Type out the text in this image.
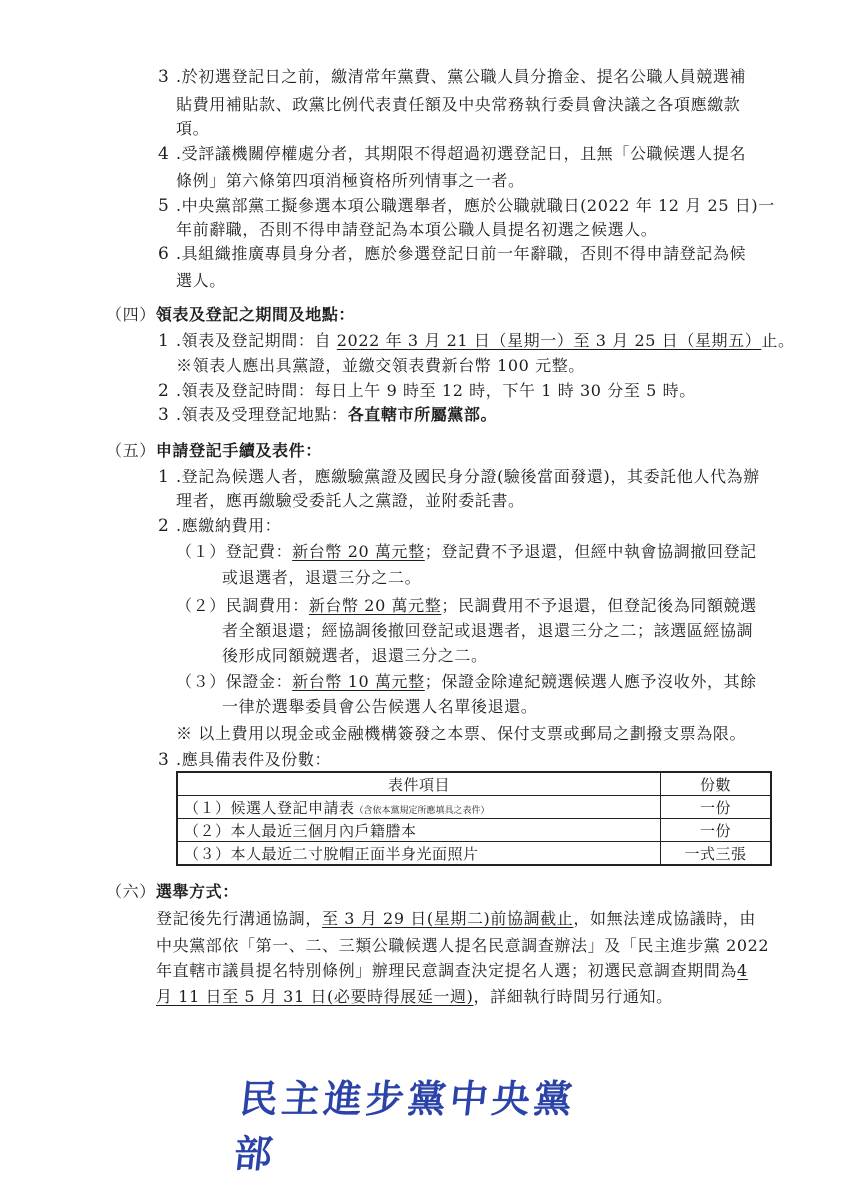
3 .於初選登記日之前，繳清常年黨費、黨公職人員分擔金、提名公職人員競選補
貼費用補貼款、政黨比例代表責任額及中央常務執行委員會決議之各項應繳款
項。
4 .受評議機關停權處分者，其期限不得超過初選登記日，且無「公職候選人提名
條例」第六條第四項消極資格所列情事之一者。
5 .中央黨部黨工擬參選本項公職選舉者，應於公職就職日(2022 年 12 月 25 日)一
年前辭職，否則不得申請登記為本項公職人員提名初選之候選人。
6 .具組織推廣專員身分者，應於參選登記日前一年辭職，否則不得申請登記為候
選人。
（四）領表及登記之期間及地點：
1 .領表及登記期間：自 2022 年 3 月 21 日（星期一）至 3 月 25 日（星期五）止。
※領表人應出具黨證，並繳交領表費新台幣 100 元整。
2 .領表及登記時間：每日上午 9 時至 12 時，下午 1 時 30 分至 5 時。
3 .領表及受理登記地點：各直轄市所屬黨部。
（五）申請登記手續及表件：
1 .登記為候選人者，應繳驗黨證及國民身分證(驗後當面發還)，其委託他人代為辦
理者，應再繳驗受委託人之黨證，並附委託書。
2 .應繳納費用：
（１）登記費：新台幣 20 萬元整；登記費不予退還，但經中執會協調撤回登記
或退選者，退還三分之二。
（２）民調費用：新台幣 20 萬元整；民調費用不予退還，但登記後為同額競選
者全額退還；經協調後撤回登記或退選者，退還三分之二；該選區經協調
後形成同額競選者，退還三分之二。
（３）保證金：新台幣 10 萬元整；保證金除違紀競選候選人應予沒收外，其餘
一律於選舉委員會公告候選人名單後退還。
※ 以上費用以現金或金融機構簽發之本票、保付支票或郵局之劃撥支票為限。
3 .應具備表件及份數：
表件項目	份數
（１）候選人登記申請表（含依本黨規定所應填具之表件）	一份
（２）本人最近三個月內戶籍謄本	一份
（３）本人最近二寸脫帽正面半身光面照片	一式三張
（六）選舉方式：
登記後先行溝通協調，至 3 月 29 日(星期二)前協調截止，如無法達成協議時，由
中央黨部依「第一、二、三類公職候選人提名民意調查辦法」及「民主進步黨 2022
年直轄市議員提名特別條例」辦理民意調查決定提名人選；初選民意調查期間為4
月 11 日至 5 月 31 日(必要時得展延一週)，詳細執行時間另行通知。
民主進步黨中央黨部
